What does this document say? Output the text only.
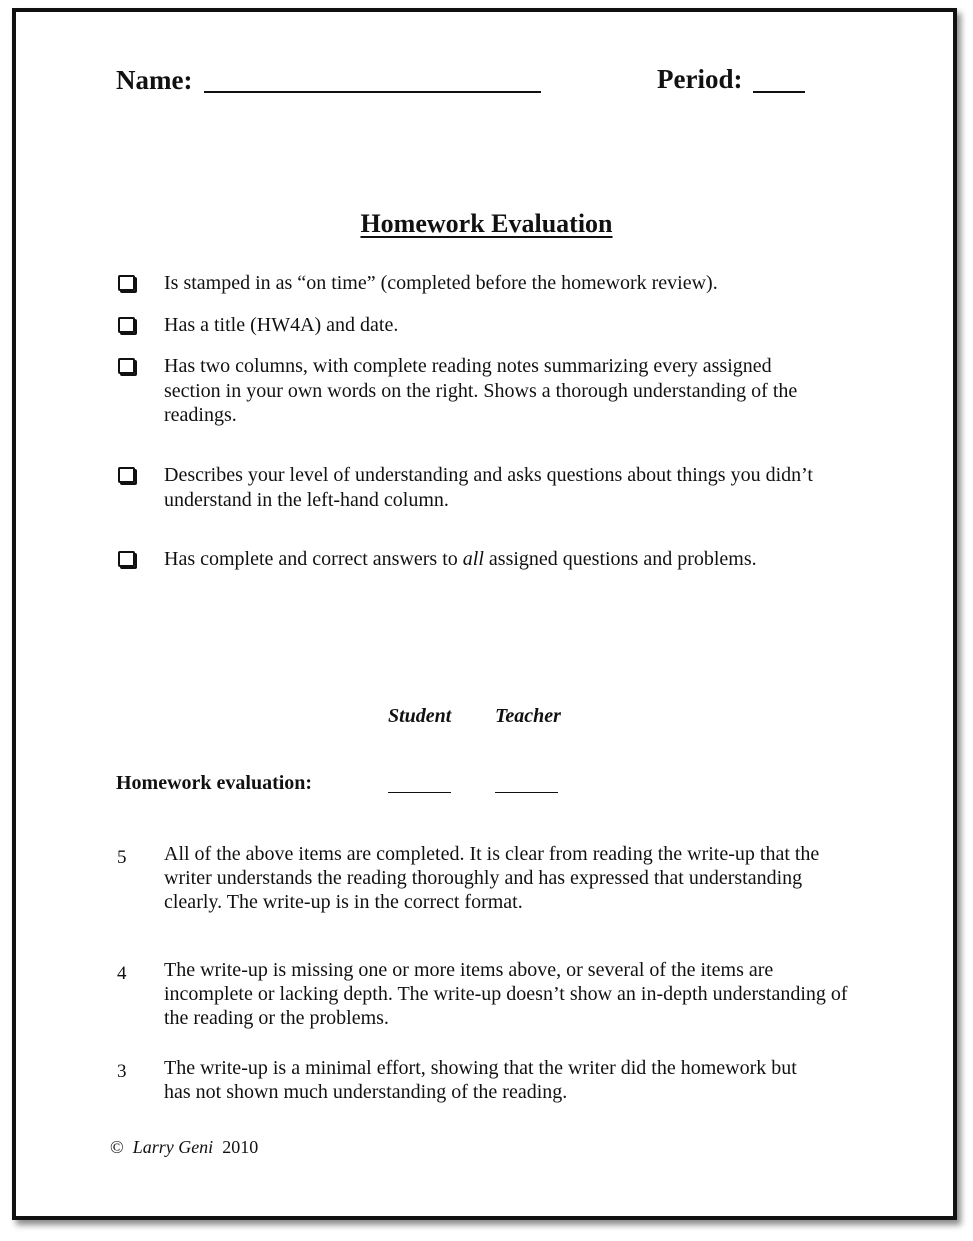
Name:	Period:
Homework Evaluation
Is stamped in as “on time” (completed before the homework review).
Has a title (HW4A) and date.
Has two columns, with complete reading notes summarizing every assigned section in your own words on the right. Shows a thorough understanding of the readings.
Describes your level of understanding and asks questions about things you didn’t understand in the left-hand column.
Has complete and correct answers to all assigned questions and problems.
Student Teacher
Homework evaluation:
5 All of the above items are completed. It is clear from reading the write-up that the writer understands the reading thoroughly and has expressed that understanding clearly. The write-up is in the correct format.
4 The write-up is missing one or more items above, or several of the items are incomplete or lacking depth. The write-up doesn’t show an in-depth understanding of the reading or the problems.
3 The write-up is a minimal effort, showing that the writer did the homework but has not shown much understanding of the reading.
© Larry Geni 2010
